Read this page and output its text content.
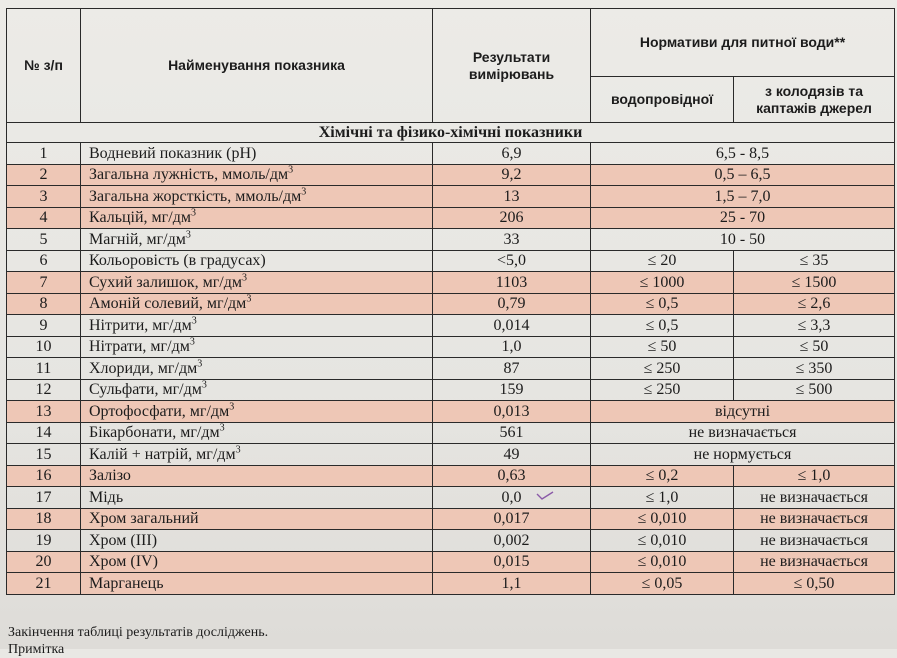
№ з/п	Найменування показника	Результати вимірювань	Нормативи для питної води**	
			водопровідної	з колодязів та каптажів джерел
Хімічні та фізико-хімічні показники				
1	Водневий показник (pH)	6,9	6,5 - 8,5	
2	Загальна лужність, ммоль/$дм^3$	9,2	0,5 – 6,5	
3	Загальна жорсткість, ммоль/$дм^3$	13	1,5 – 7,0	
4	Кальцій, $мг/дм^3$	206	25 - 70	
5	Магній, $мг/дм^3$	33	10 - 50	
6	Кольоровість (в градусах)	<5,0	≤ 20	≤ 35
7	Сухий залишок, $мг/дм^3$	1103	≤ 1000	≤ 1500
8	Амоній солевий, $мг/дм^3$	0,79	≤ 0,5	≤ 2,6
9	Нітрити, $мг/дм^3$	0,014	≤ 0,5	≤ 3,3
10	Нітрати, $мг/дм^3$	1,0	≤ 50	≤ 50
11	Хлориди, $мг/дм^3$	87	≤ 250	≤ 350
12	Сульфати, $мг/дм^3$	159	≤ 250	≤ 500
13	Ортофосфати, $мг/дм^3$	0,013	відсутні	
14	Бікарбонати, $мг/дм^3$	561	не визначається	
15	Калій + натрій, $мг/дм^3$	49	не нормується	
16	Залізо	0,63	≤ 0,2	≤ 1,0
17	Мідь	0,0	≤ 1,0	не визначається
18	Хром загальний	0,017	≤ 0,010	не визначається
19	Хром (III)	0,002	≤ 0,010	не визначається
20	Хром (IV)	0,015	≤ 0,010	не визначається
21	Марганець	1,1	≤ 0,05	≤ 0,50
Закінчення таблиці результатів досліджень.
Примітка
